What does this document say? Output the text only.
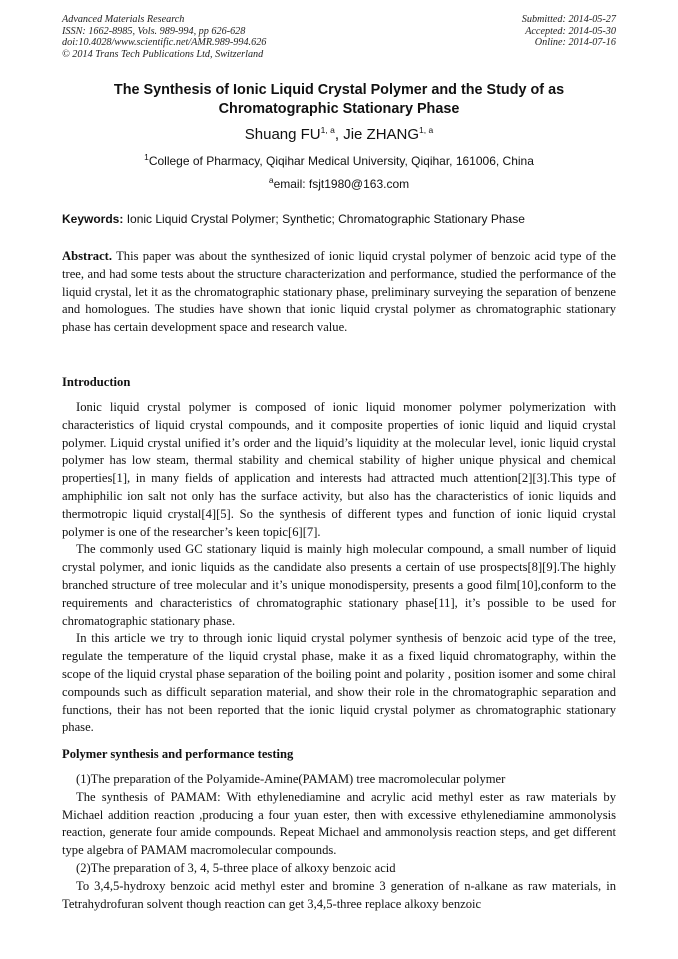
Advanced Materials Research
ISSN: 1662-8985, Vols. 989-994, pp 626-628
doi:10.4028/www.scientific.net/AMR.989-994.626
© 2014 Trans Tech Publications Ltd, Switzerland
Submitted: 2014-05-27
Accepted: 2014-05-30
Online: 2014-07-16
The Synthesis of Ionic Liquid Crystal Polymer and the Study of as
Chromatographic Stationary Phase
Shuang FU$^{1, a}$, Jie ZHANG$^{1, a}$
$^1$College of Pharmacy, Qiqihar Medical University, Qiqihar, 161006, China
$^a$email: fsjt1980@163.com
Keywords: Ionic Liquid Crystal Polymer; Synthetic; Chromatographic Stationary Phase

Abstract. This paper was about the synthesized of ionic liquid crystal polymer of benzoic acid type of the tree, and had some tests about the structure characterization and performance, studied the performance of the liquid crystal, let it as the chromatographic stationary phase, preliminary surveying the separation of benzene and homologues. The studies have shown that ionic liquid crystal polymer as chromatographic stationary phase has certain development space and research value.

Introduction

Ionic liquid crystal polymer is composed of ionic liquid monomer polymer polymerization with characteristics of liquid crystal compounds, and it composite properties of ionic liquid and liquid crystal polymer. Liquid crystal unified it’s order and the liquid’s liquidity at the molecular level, ionic liquid crystal polymer has low steam, thermal stability and chemical stability of higher unique physical and chemical properties[1], in many fields of application and interests had attracted much attention[2][3].This type of amphiphilic ion salt not only has the surface activity, but also has the characteristics of ionic liquids and thermotropic liquid crystal[4][5]. So the synthesis of different types and function of ionic liquid crystal polymer is one of the researcher’s keen topic[6][7].

The commonly used GC stationary liquid is mainly high molecular compound, a small number of liquid crystal polymer, and ionic liquids as the candidate also presents a certain of use prospects[8][9].The highly branched structure of tree molecular and it’s unique monodispersity, presents a good film[10],conform to the requirements and characteristics of chromatographic stationary phase[11], it’s possible to be used for chromatographic stationary phase.

In this article we try to through ionic liquid crystal polymer synthesis of benzoic acid type of the tree, regulate the temperature of the liquid crystal phase, make it as a fixed liquid chromatography, within the scope of the liquid crystal phase separation of the boiling point and polarity , position isomer and some chiral compounds such as difficult separation material, and show their role in the chromatographic separation and functions, their has not been reported that the ionic liquid crystal polymer as chromatographic stationary phase.

Polymer synthesis and performance testing

(1)The preparation of the Polyamide-Amine(PAMAM) tree macromolecular polymer

The synthesis of PAMAM: With ethylenediamine and acrylic acid methyl ester as raw materials by Michael addition reaction ,producing a four yuan ester, then with excessive ethylenediamine ammonolysis reaction, generate four amide compounds. Repeat Michael and ammonolysis reaction steps, and get different type algebra of PAMAM macromolecular compounds.

(2)The preparation of 3, 4, 5-three place of alkoxy benzoic acid

To 3,4,5-hydroxy benzoic acid methyl ester and bromine 3 generation of n-alkane as raw materials, in Tetrahydrofuran solvent though reaction can get 3,4,5-three replace alkoxy benzoic
